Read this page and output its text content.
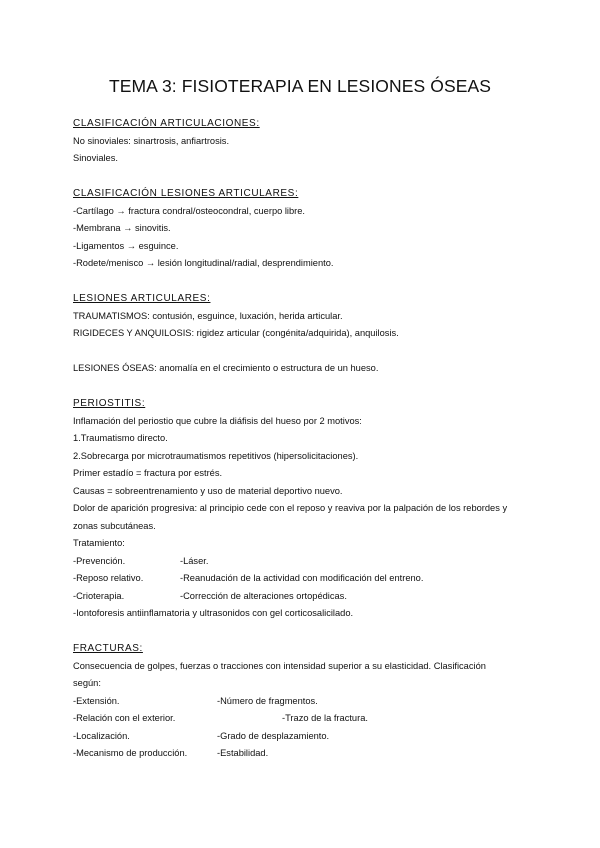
TEMA 3: FISIOTERAPIA EN LESIONES ÓSEAS
CLASIFICACIÓN ARTICULACIONES:
No sinoviales: sinartrosis, anfiartrosis.
Sinoviales.
CLASIFICACIÓN LESIONES ARTICULARES:
-Cartílago → fractura condral/osteocondral, cuerpo libre.
-Membrana → sinovitis.
-Ligamentos → esguince.
-Rodete/menisco → lesión longitudinal/radial, desprendimiento.
LESIONES ARTICULARES:
TRAUMATISMOS: contusión, esguince, luxación, herida articular.
RIGIDECES Y ANQUILOSIS: rigidez articular (congénita/adquirida), anquilosis.
LESIONES ÓSEAS: anomalía en el crecimiento o estructura de un hueso.
PERIOSTITIS:
Inflamación del periostio que cubre la diáfisis del hueso por 2 motivos:
1.Traumatismo directo.
2.Sobrecarga por microtraumatismos repetitivos (hipersolicitaciones).
Primer estadío = fractura por estrés.
Causas = sobreentrenamiento y uso de material deportivo nuevo.
Dolor de aparición progresiva: al principio cede con el reposo y reaviva por la palpación de los rebordes y zonas subcutáneas.
Tratamiento:
-Prevención.	-Láser.
-Reposo relativo.	-Reanudación de la actividad con modificación del entreno.
-Crioterapia.	-Corrección de alteraciones ortopédicas.
-Iontoforesis antiinflamatoria y ultrasonidos con gel corticosalicilado.
FRACTURAS:
Consecuencia de golpes, fuerzas o tracciones con intensidad superior a su elasticidad. Clasificación según:
-Extensión.	-Número de fragmentos.
-Relación con el exterior.	-Trazo de la fractura.
-Localización.	-Grado de desplazamiento.
-Mecanismo de producción.	-Estabilidad.
